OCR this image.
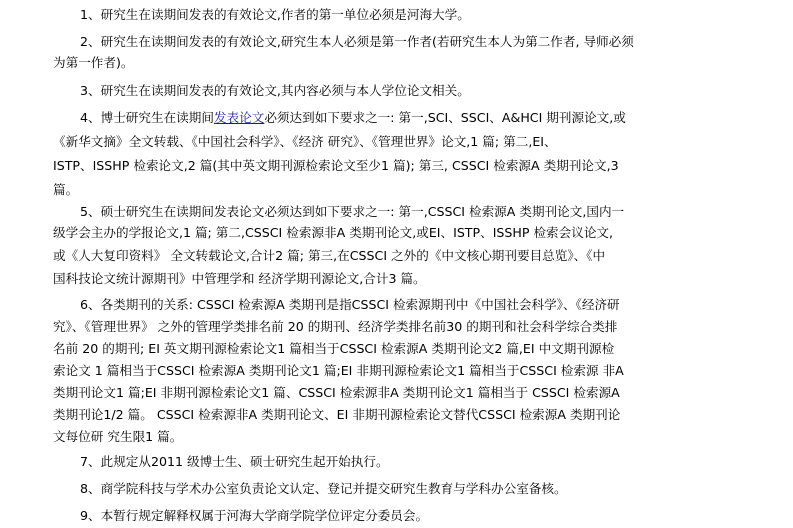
1、研究生在读期间发表的有效论文,作者的第一单位必须是河海大学。
2、研究生在读期间发表的有效论文,研究生本人必须是第一作者(若研究生本人为第二作者, 导师必须
为第一作者)。
3、研究生在读期间发表的有效论文,其内容必须与本人学位论文相关。
4、博士研究生在读期间发表论文必须达到如下要求之一: 第一,SCI、SSCI、A&HCI 期刊源论文,或
《新华文摘》全文转载、《中国社会科学》、《经济 研究》、《管理世界》论文,1 篇; 第二,EI、
ISTP、ISSHP 检索论文,2 篇(其中英文期刊源检索论文至少1 篇); 第三, CSSCI 检索源A 类期刊论文,3
篇。
5、硕士研究生在读期间发表论文必须达到如下要求之一: 第一,CSSCI 检索源A 类期刊论文,国内一
级学会主办的学报论文,1 篇; 第二,CSSCI 检索源非A 类期刊论文,或EI、ISTP、ISSHP 检索会议论文,
或《人大复印资料》 全文转载论文,合计2 篇; 第三,在CSSCI 之外的《中文核心期刊要目总览》、《中
国科技论文统计源期刊》中管理学和 经济学期刊源论文,合计3 篇。
6、各类期刊的关系: CSSCI 检索源A 类期刊是指CSSCI 检索源期刊中《中国社会科学》、《经济研
究》、《管理世界》 之外的管理学类排名前 20 的期刊、经济学类排名前30 的期刊和社会科学综合类排
名前 20 的期刊; EI 英文期刊源检索论文1 篇相当于CSSCI 检索源A 类期刊论文2 篇,EI 中文期刊源检
索论文 1 篇相当于CSSCI 检索源A 类期刊论文1 篇;EI 非期刊源检索论文1 篇相当于CSSCI 检索源 非A
类期刊论文1 篇;EI 非期刊源检索论文1 篇、CSSCI 检索源非A 类期刊论文1 篇相当于 CSSCI 检索源A
类期刊论1/2 篇。 CSSCI 检索源非A 类期刊论文、EI 非期刊源检索论文替代CSSCI 检索源A 类期刊论
文每位研 究生限1 篇。
7、此规定从2011 级博士生、硕士研究生起开始执行。
8、商学院科技与学术办公室负责论文认定、登记并提交研究生教育与学科办公室备核。
9、本暂行规定解释权属于河海大学商学院学位评定分委员会。
